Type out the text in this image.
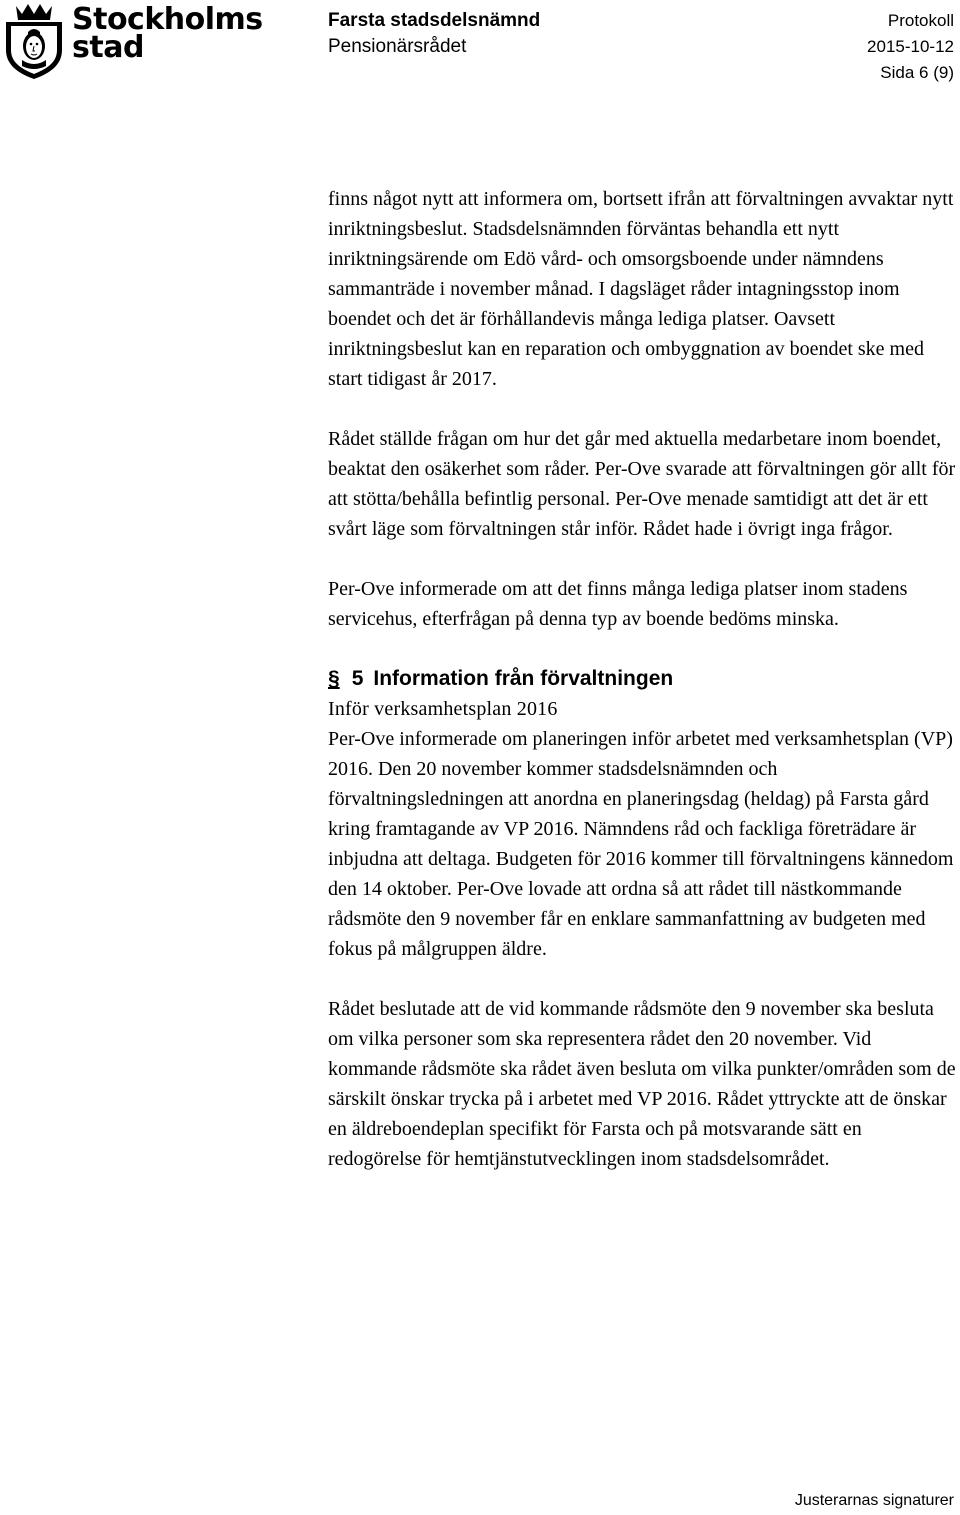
Stockholms
stad
Farsta stadsdelsnämnd
Pensionärsrådet
Protokoll
2015-10-12
Sida 6 (9)

finns något nytt att informera om, bortsett ifrån att förvaltningen avvaktar nytt inriktningsbeslut. Stadsdelsnämnden förväntas behandla ett nytt inriktningsärende om Edö vård- och omsorgsboende under nämndens sammanträde i november månad. I dagsläget råder intagningsstop inom boendet och det är förhållandevis många lediga platser. Oavsett inriktningsbeslut kan en reparation och ombyggnation av boendet ske med start tidigast år 2017.

Rådet ställde frågan om hur det går med aktuella medarbetare inom boendet, beaktat den osäkerhet som råder. Per-Ove svarade att förvaltningen gör allt för att stötta/behålla befintlig personal. Per-Ove menade samtidigt att det är ett svårt läge som förvaltningen står inför. Rådet hade i övrigt inga frågor.

Per-Ove informerade om att det finns många lediga platser inom stadens servicehus, efterfrågan på denna typ av boende bedöms minska.

§ 5 Information från förvaltningen
Inför verksamhetsplan 2016

Per-Ove informerade om planeringen inför arbetet med verksamhetsplan (VP) 2016. Den 20 november kommer stadsdelsnämnden och förvaltningsledningen att anordna en planeringsdag (heldag) på Farsta gård kring framtagande av VP 2016. Nämndens råd och fackliga företrädare är inbjudna att deltaga. Budgeten för 2016 kommer till förvaltningens kännedom den 14 oktober. Per-Ove lovade att ordna så att rådet till nästkommande rådsmöte den 9 november får en enklare sammanfattning av budgeten med fokus på målgruppen äldre.

Rådet beslutade att de vid kommande rådsmöte den 9 november ska besluta om vilka personer som ska representera rådet den 20 november. Vid kommande rådsmöte ska rådet även besluta om vilka punkter/områden som de särskilt önskar trycka på i arbetet med VP 2016. Rådet yttryckte att de önskar en äldreboendeplan specifikt för Farsta och på motsvarande sätt en redogörelse för hemtjänstutvecklingen inom stadsdelsområdet.

Justerarnas signaturer
